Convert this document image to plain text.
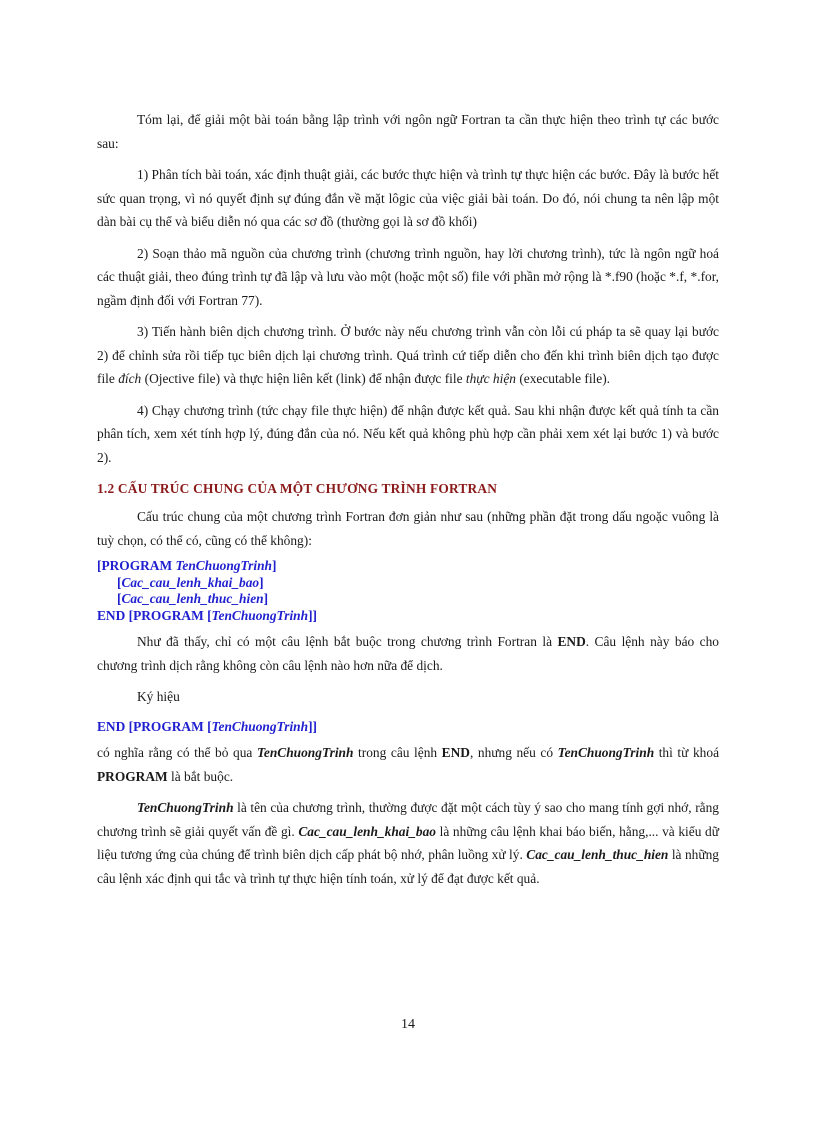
Tóm lại, để giải một bài toán bằng lập trình với ngôn ngữ Fortran ta cần thực hiện theo trình tự các bước sau:

1) Phân tích bài toán, xác định thuật giải, các bước thực hiện và trình tự thực hiện các bước. Đây là bước hết sức quan trọng, vì nó quyết định sự đúng đắn về mặt lôgic của việc giải bài toán. Do đó, nói chung ta nên lập một dàn bài cụ thể và biểu diễn nó qua các sơ đồ (thường gọi là sơ đồ khối)

2) Soạn thảo mã nguồn của chương trình (chương trình nguồn, hay lời chương trình), tức là ngôn ngữ hoá các thuật giải, theo đúng trình tự đã lập và lưu vào một (hoặc một số) file với phần mở rộng là *.f90 (hoặc *.f, *.for, ngầm định đối với Fortran 77).

3) Tiến hành biên dịch chương trình. Ở bước này nếu chương trình vẫn còn lỗi cú pháp ta sẽ quay lại bước 2) để chỉnh sửa rồi tiếp tục biên dịch lại chương trình. Quá trình cứ tiếp diễn cho đến khi trình biên dịch tạo được file đích (Ojective file) và thực hiện liên kết (link) để nhận được file thực hiện (executable file).

4) Chạy chương trình (tức chạy file thực hiện) để nhận được kết quả. Sau khi nhận được kết quả tính ta cần phân tích, xem xét tính hợp lý, đúng đắn của nó. Nếu kết quả không phù hợp cần phải xem xét lại bước 1) và bước 2).

1.2 CẤU TRÚC CHUNG CỦA MỘT CHƯƠNG TRÌNH FORTRAN

Cấu trúc chung của một chương trình Fortran đơn giản như sau (những phần đặt trong dấu ngoặc vuông là tuỳ chọn, có thể có, cũng có thể không):

[PROGRAM TenChuongTrinh]
[Cac_cau_lenh_khai_bao]
[Cac_cau_lenh_thuc_hien]
END [PROGRAM [TenChuongTrinh]]

Như đã thấy, chỉ có một câu lệnh bắt buộc trong chương trình Fortran là END. Câu lệnh này báo cho chương trình dịch rằng không còn câu lệnh nào hơn nữa để dịch.

Ký hiệu

END [PROGRAM [TenChuongTrinh]]

có nghĩa rằng có thể bỏ qua TenChuongTrinh trong câu lệnh END, nhưng nếu có TenChuongTrinh thì từ khoá PROGRAM là bắt buộc.

TenChuongTrinh là tên của chương trình, thường được đặt một cách tùy ý sao cho mang tính gợi nhớ, rằng chương trình sẽ giải quyết vấn đề gì. Cac_cau_lenh_khai_bao là những câu lệnh khai báo biến, hằng,... và kiểu dữ liệu tương ứng của chúng để trình biên dịch cấp phát bộ nhớ, phân luồng xử lý. Cac_cau_lenh_thuc_hien là những câu lệnh xác định qui tắc và trình tự thực hiện tính toán, xử lý để đạt được kết quả.

14
